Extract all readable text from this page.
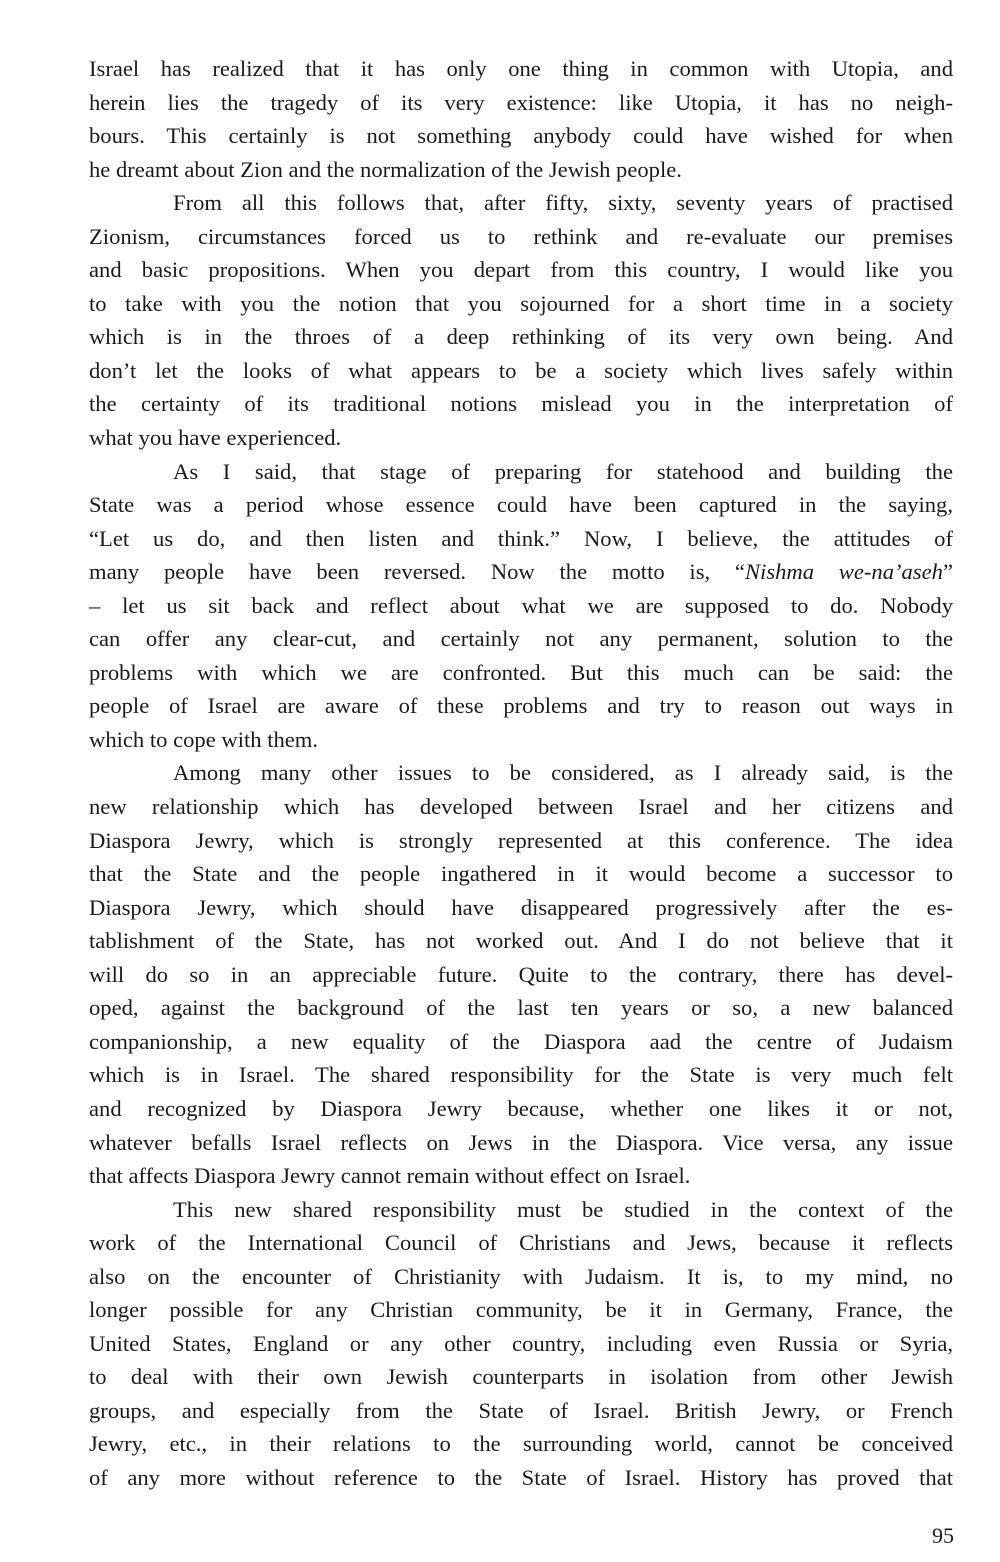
Israel has realized that it has only one thing in common with Utopia, and
herein lies the tragedy of its very existence: like Utopia, it has no neigh-
bours. This certainly is not something anybody could have wished for when
he dreamt about Zion and the normalization of the Jewish people.
From all this follows that, after fifty, sixty, seventy years of practised
Zionism, circumstances forced us to rethink and re-evaluate our premises
and basic propositions. When you depart from this country, I would like you
to take with you the notion that you sojourned for a short time in a society
which is in the throes of a deep rethinking of its very own being. And
don’t let the looks of what appears to be a society which lives safely within
the certainty of its traditional notions mislead you in the interpretation of
what you have experienced.
As I said, that stage of preparing for statehood and building the
State was a period whose essence could have been captured in the saying,
“Let us do, and then listen and think.” Now, I believe, the attitudes of
many people have been reversed. Now the motto is, “Nishma we-na’aseh”
– let us sit back and reflect about what we are supposed to do. Nobody
can offer any clear-cut, and certainly not any permanent, solution to the
problems with which we are confronted. But this much can be said: the
people of Israel are aware of these problems and try to reason out ways in
which to cope with them.
Among many other issues to be considered, as I already said, is the
new relationship which has developed between Israel and her citizens and
Diaspora Jewry, which is strongly represented at this conference. The idea
that the State and the people ingathered in it would become a successor to
Diaspora Jewry, which should have disappeared progressively after the es-
tablishment of the State, has not worked out. And I do not believe that it
will do so in an appreciable future. Quite to the contrary, there has devel-
oped, against the background of the last ten years or so, a new balanced
companionship, a new equality of the Diaspora aad the centre of Judaism
which is in Israel. The shared responsibility for the State is very much felt
and recognized by Diaspora Jewry because, whether one likes it or not,
whatever befalls Israel reflects on Jews in the Diaspora. Vice versa, any issue
that affects Diaspora Jewry cannot remain without effect on Israel.
This new shared responsibility must be studied in the context of the
work of the International Council of Christians and Jews, because it reflects
also on the encounter of Christianity with Judaism. It is, to my mind, no
longer possible for any Christian community, be it in Germany, France, the
United States, England or any other country, including even Russia or Syria,
to deal with their own Jewish counterparts in isolation from other Jewish
groups, and especially from the State of Israel. British Jewry, or French
Jewry, etc., in their relations to the surrounding world, cannot be conceived
of any more without reference to the State of Israel. History has proved that
95
